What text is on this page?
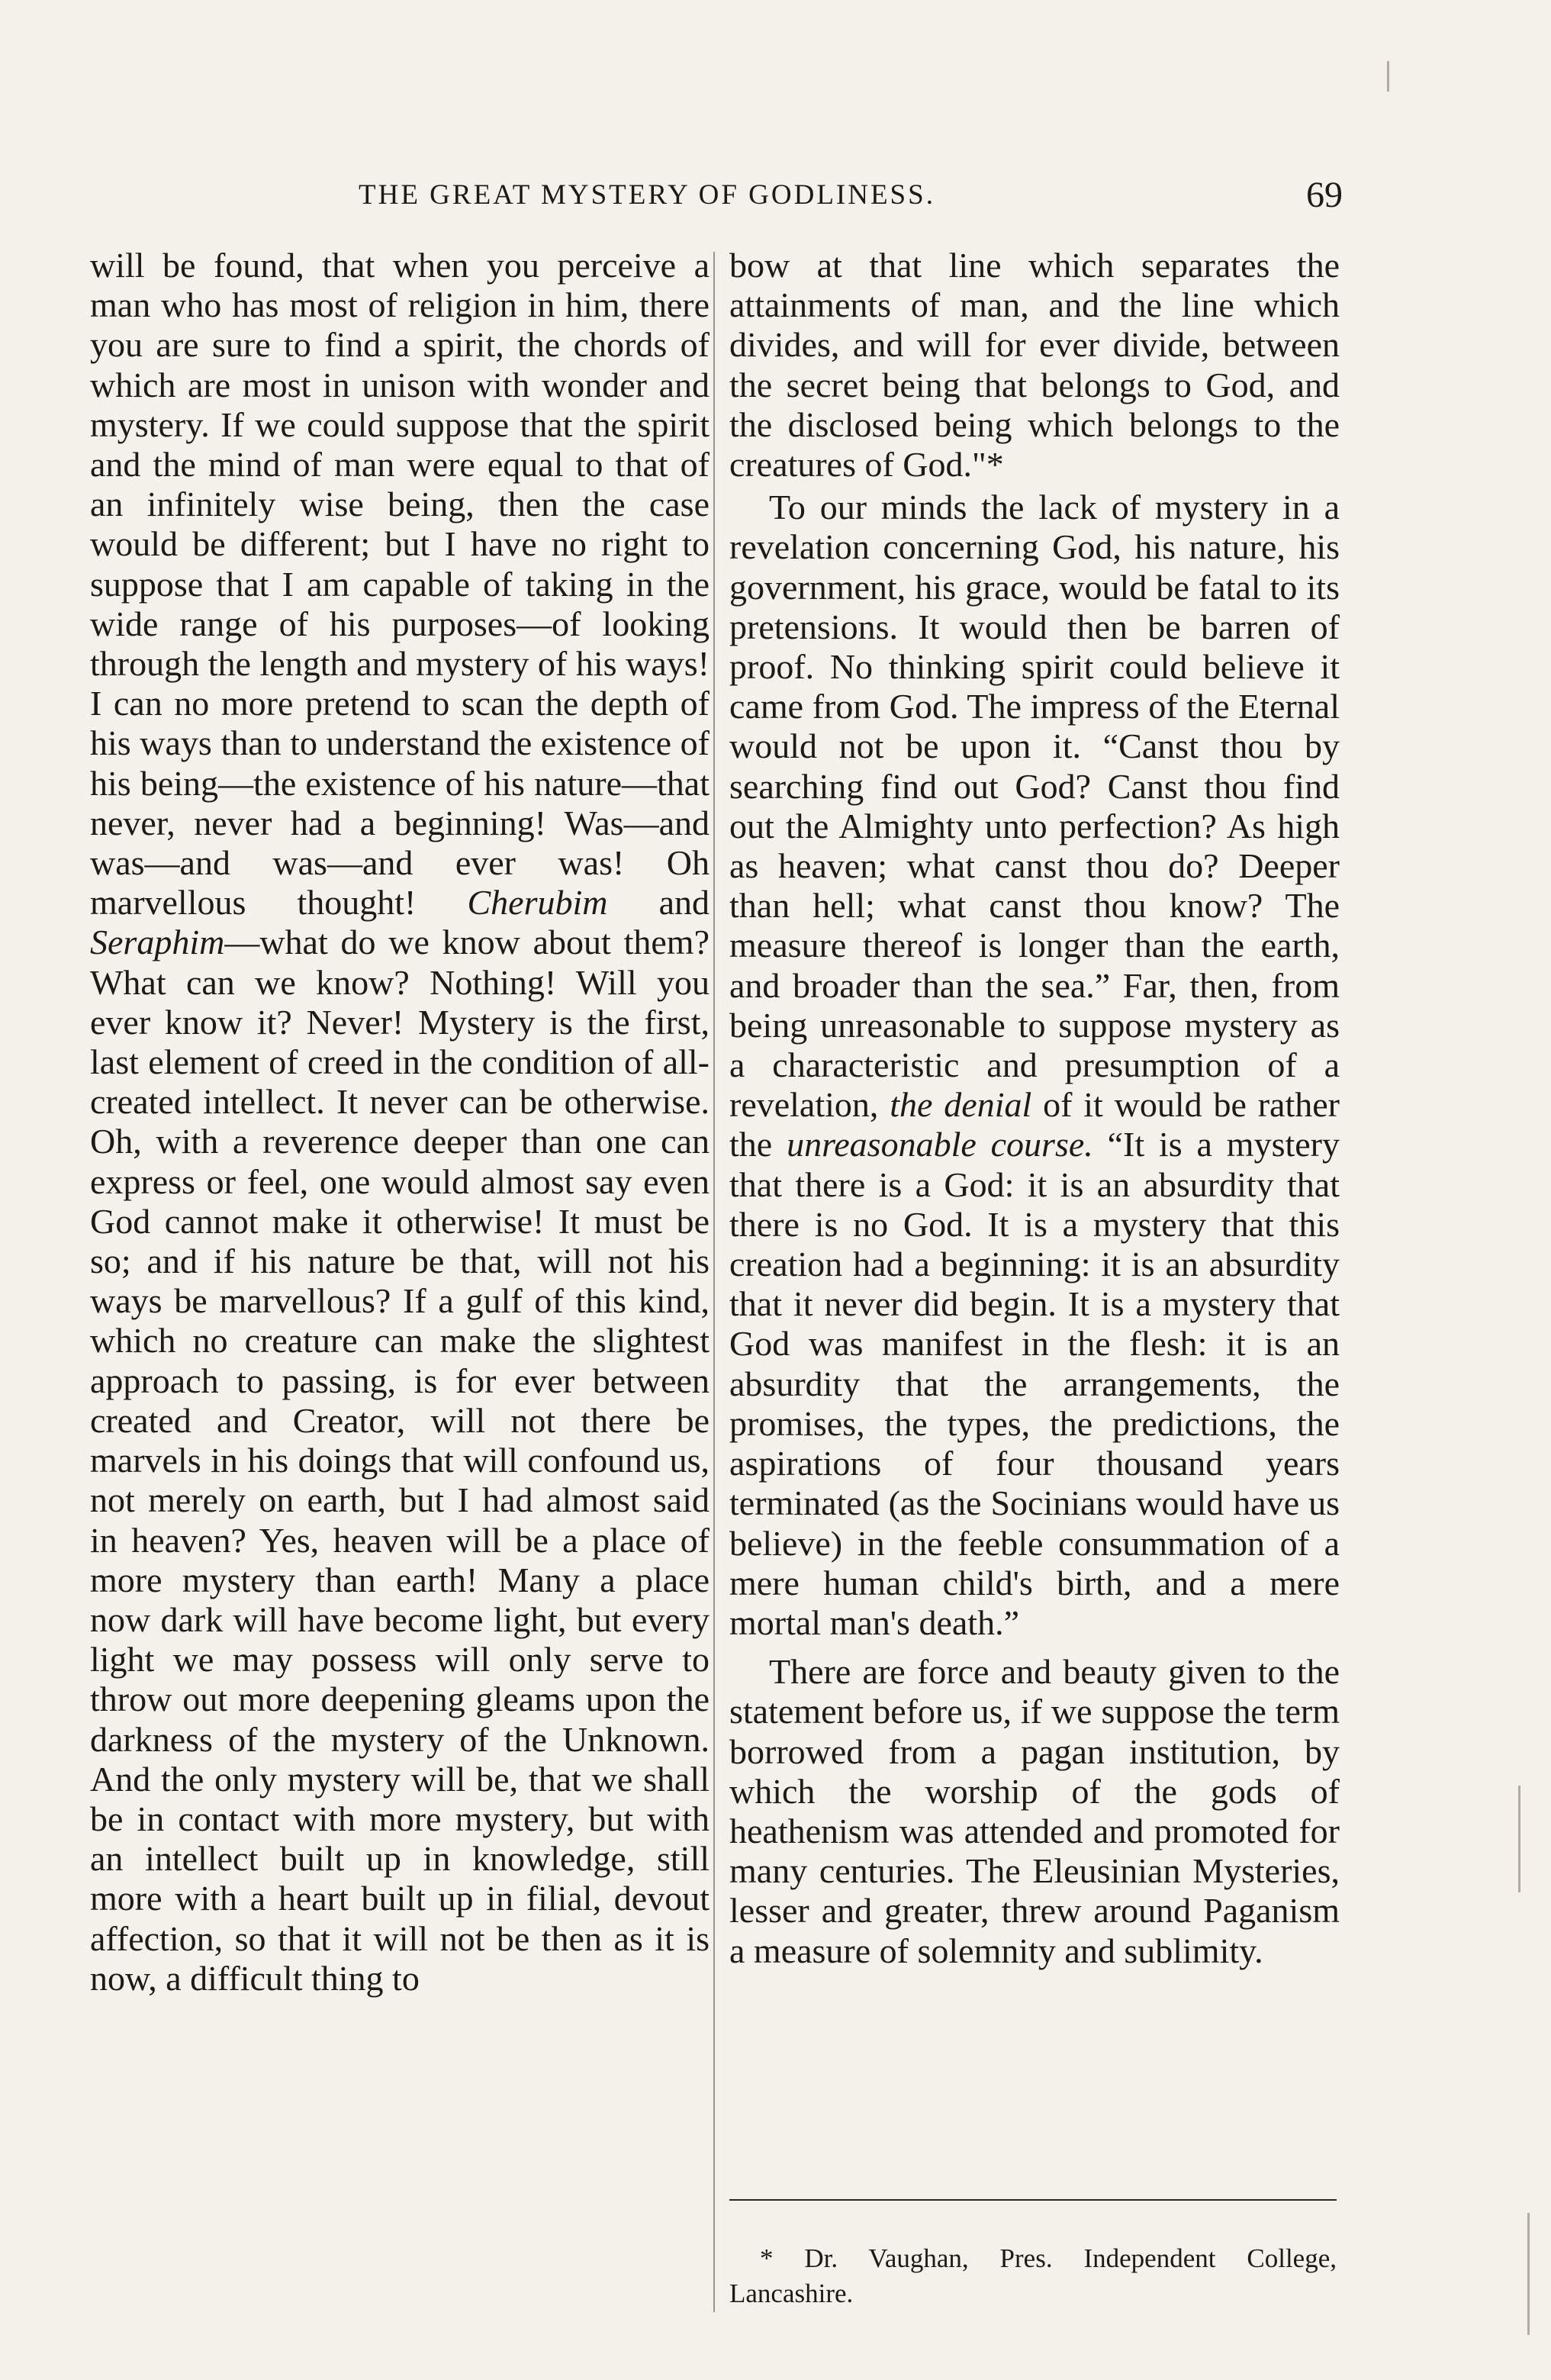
THE GREAT MYSTERY OF GODLINESS.	69

will be found, that when you perceive a man who has most of religion in him, there you are sure to find a spirit, the chords of which are most in unison with wonder and mystery. If we could suppose that the spirit and the mind of man were equal to that of an infinitely wise being, then the case would be different; but I have no right to suppose that I am capable of taking in the wide range of his purposes—of looking through the length and mystery of his ways! I can no more pretend to scan the depth of his ways than to understand the existence of his being—the existence of his nature—that never, never had a beginning! Was—and was—and was—and ever was! Oh marvellous thought! Cherubim and Seraphim—what do we know about them? What can we know? Nothing! Will you ever know it? Never! Mystery is the first, last element of creed in the condition of all-created intellect. It never can be otherwise. Oh, with a reverence deeper than one can express or feel, one would almost say even God cannot make it otherwise! It must be so; and if his nature be that, will not his ways be marvellous? If a gulf of this kind, which no creature can make the slightest approach to passing, is for ever between created and Creator, will not there be marvels in his doings that will confound us, not merely on earth, but I had almost said in heaven? Yes, heaven will be a place of more mystery than earth! Many a place now dark will have become light, but every light we may possess will only serve to throw out more deepening gleams upon the darkness of the mystery of the Unknown. And the only mystery will be, that we shall be in contact with more mystery, but with an intellect built up in knowledge, still more with a heart built up in filial, devout affection, so that it will not be then as it is now, a difficult thing to

bow at that line which separates the attainments of man, and the line which divides, and will for ever divide, between the secret being that belongs to God, and the disclosed being which belongs to the creatures of God."*

To our minds the lack of mystery in a revelation concerning God, his nature, his government, his grace, would be fatal to its pretensions. It would then be barren of proof. No thinking spirit could believe it came from God. The impress of the Eternal would not be upon it. “Canst thou by searching find out God? Canst thou find out the Almighty unto perfection? As high as heaven; what canst thou do? Deeper than hell; what canst thou know? The measure thereof is longer than the earth, and broader than the sea.” Far, then, from being unreasonable to suppose mystery as a characteristic and presumption of a revelation, the denial of it would be rather the unreasonable course. “It is a mystery that there is a God: it is an absurdity that there is no God. It is a mystery that this creation had a beginning: it is an absurdity that it never did begin. It is a mystery that God was manifest in the flesh: it is an absurdity that the arrangements, the promises, the types, the predictions, the aspirations of four thousand years terminated (as the Socinians would have us believe) in the feeble consummation of a mere human child's birth, and a mere mortal man's death.”

There are force and beauty given to the statement before us, if we suppose the term borrowed from a pagan institution, by which the worship of the gods of heathenism was attended and promoted for many centuries. The Eleusinian Mysteries, lesser and greater, threw around Paganism a measure of solemnity and sublimity.

* Dr. Vaughan, Pres. Independent College, Lancashire.
